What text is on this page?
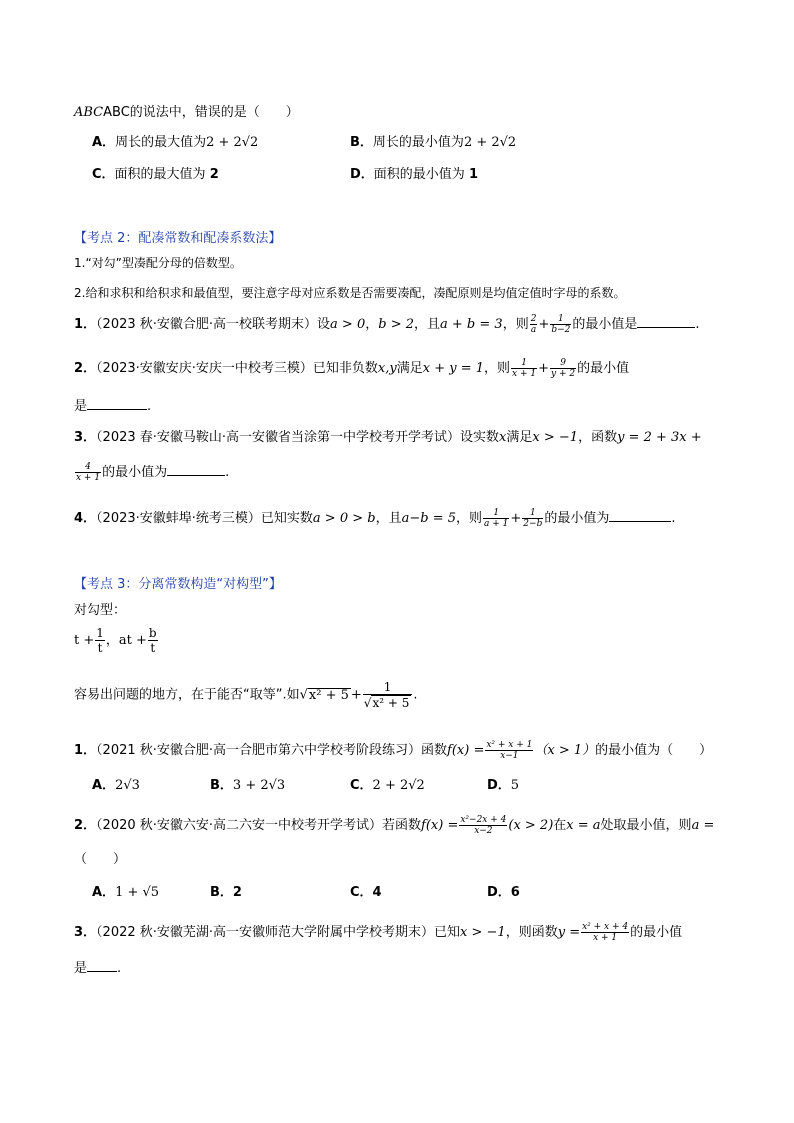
ABCABC的说法中，错误的是（　　）
A．周长的最大值为2 + 2√2	B．周长的最小值为2 + 2√2
C．面积的最大值为 2	D．面积的最小值为 1
【考点 2：配凑常数和配凑系数法】
1.“对勾”型凑配分母的倍数型。
2.给和求积和给积求和最值型，要注意字母对应系数是否需要凑配，凑配原则是均值定值时字母的系数。
1．（2023 秋·安徽合肥·高一校联考期末）设a > 0，b > 2，且a + b = 3，则 $\frac{2}{a} + \frac{1}{b-2}$ 的最小值是	.
2．（2023·安徽安庆·安庆一中校考三模）已知非负数x,y满足x + y = 1，则 $\frac{1}{x + 1} + \frac{9}{y + 2}$ 的最小值
是	.
3．（2023 春·安徽马鞍山·高一安徽省当涂第一中学校考开学考试）设实数x满足x > −1，函数y = 2 + 3x +
$\frac{4}{x + 1}$ 的最小值为	.
4．（2023·安徽蚌埠·统考三模）已知实数a > 0 > b，且a−b = 5，则 $\frac{1}{a + 1} + \frac{1}{2-b}$ 的最小值为	.
【考点 3：分离常数构造“对构型”】
对勾型：
$t + \frac{1}{t}$ ，at + $\frac{b}{t}$
容易出问题的地方，在于能否“取等”.如$√x^2 + 5 + \frac{1}{\text{√x² + 5}}$ .
1．（2021 秋·安徽合肥·高一合肥市第六中学校考阶段练习）函数$f(x) = \frac{\text{x² + x + 1}}{x-1} (x > 1)$的最小值为（　　）
A．2√3	B．3 + 2√3	C．2 + 2√2	D．5
2．（2020 秋·安徽六安·高二六安一中校考开学考试）若函数$f(x) = \frac{\text{x²−2x + 4}}{x-2} (x > 2)$在x = a处取最小值，则a =
（　　）
A．1 + √5	B．2	C．4	D．6
3．（2022 秋·安徽芜湖·高一安徽师范大学附属中学校考期末）已知x > −1，则函数$y = \frac{\text{x² + x + 4}}{x + 1}$ 的最小值
是 .
